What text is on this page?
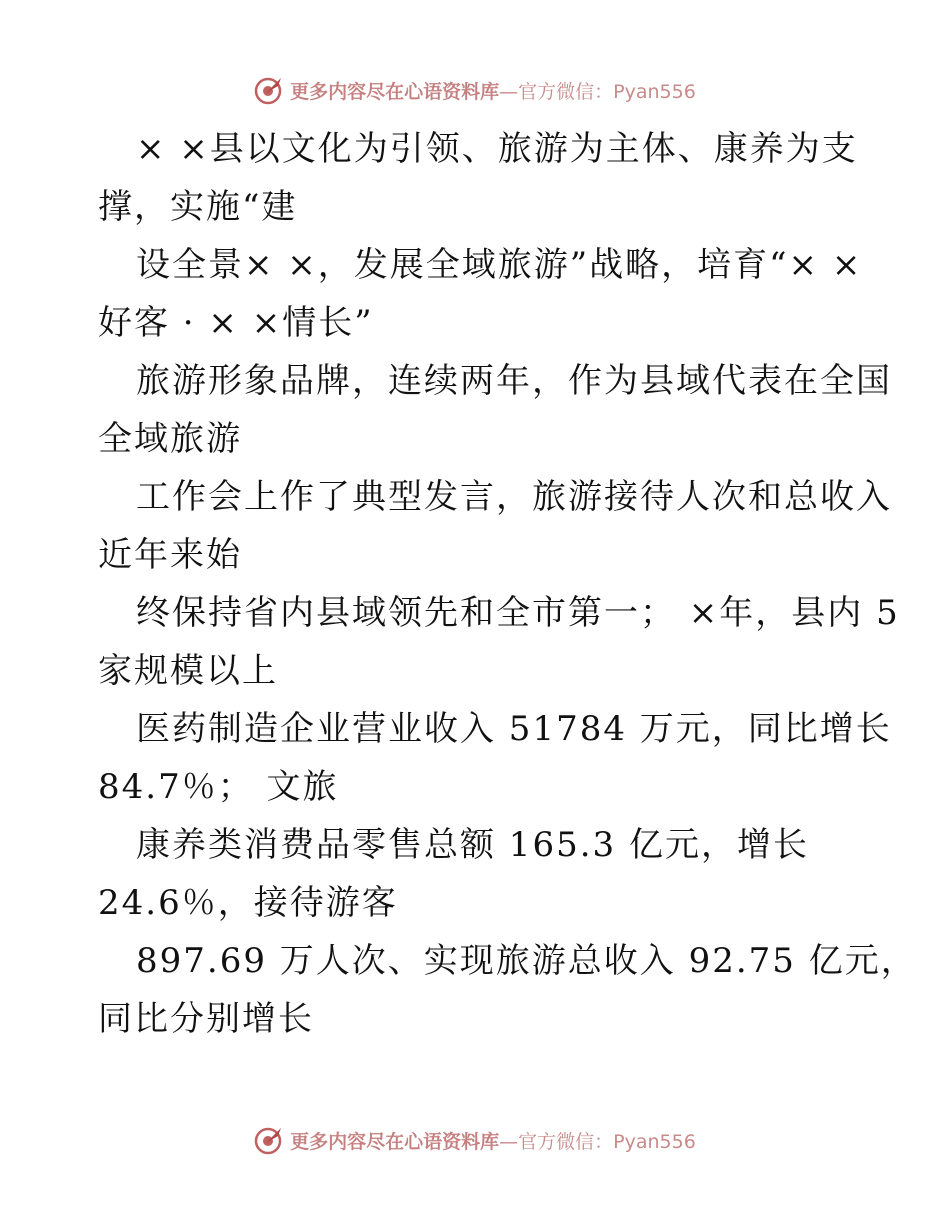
更多内容尽在心语资料库—官方微信：Pyan556
× ×县以文化为引领、旅游为主体、康养为支
撑，实施“建
设全景× ×，发展全域旅游”战略，培育“× ×
好客 · × ×情长”
旅游形象品牌，连续两年，作为县域代表在全国
全域旅游
工作会上作了典型发言，旅游接待人次和总收入
近年来始
终保持省内县域领先和全市第一； ×年，县内 5
家规模以上
医药制造企业营业收入 51784 万元，同比增长
84.7％； 文旅
康养类消费品零售总额 165.3 亿元，增长
24.6％，接待游客
897.69 万人次、实现旅游总收入 92.75 亿元，
同比分别增长
更多内容尽在心语资料库—官方微信：Pyan556
